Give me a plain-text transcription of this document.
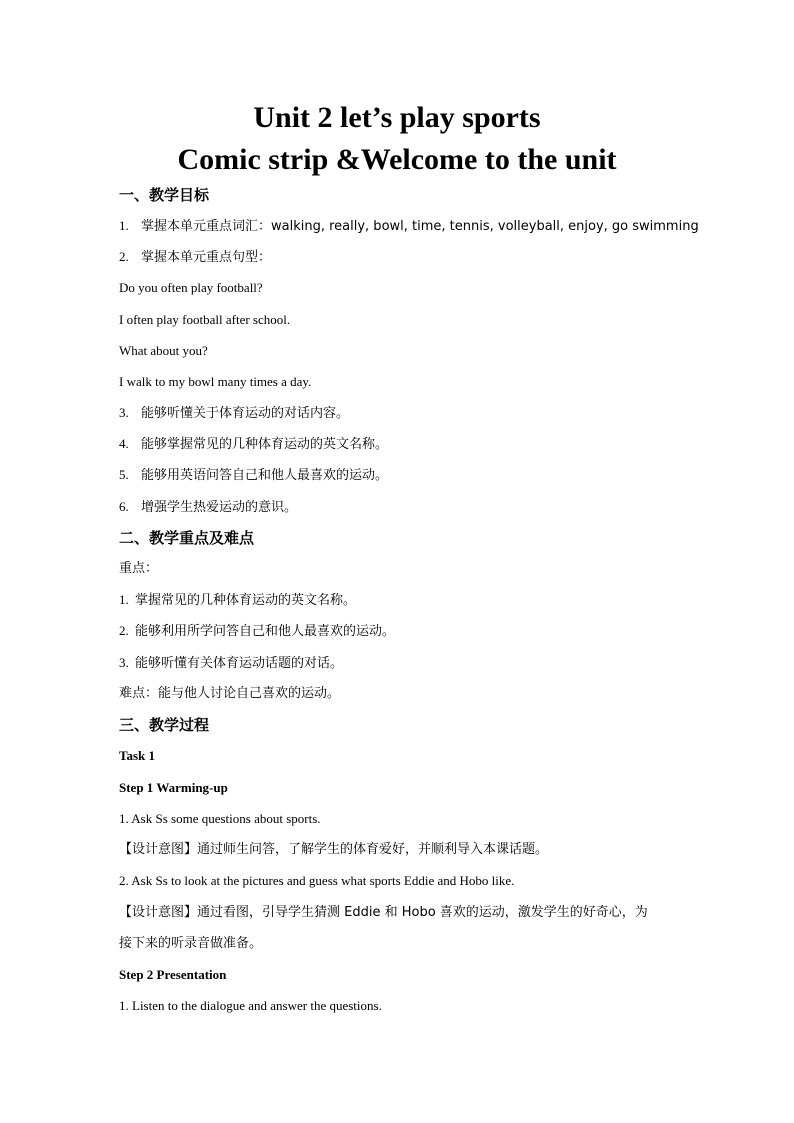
Unit 2 let’s play sports
Comic strip &Welcome to the unit
一、教学目标
1. 掌握本单元重点词汇：walking, really, bowl, time, tennis, volleyball, enjoy, go swimming
2. 掌握本单元重点句型：
Do you often play football?
I often play football after school.
What about you?
I walk to my bowl many times a day.
3. 能够听懂关于体育运动的对话内容。
4. 能够掌握常见的几种体育运动的英文名称。
5. 能够用英语问答自己和他人最喜欢的运动。
6. 增强学生热爱运动的意识。
二、教学重点及难点
重点：
1. 掌握常见的几种体育运动的英文名称。
2. 能够利用所学问答自己和他人最喜欢的运动。
3. 能够听懂有关体育运动话题的对话。
难点：能与他人讨论自己喜欢的运动。
三、教学过程
Task 1
Step 1 Warming-up
1. Ask Ss some questions about sports.
【设计意图】通过师生问答，了解学生的体育爱好，并顺利导入本课话题。
2. Ask Ss to look at the pictures and guess what sports Eddie and Hobo like.
【设计意图】通过看图，引导学生猜测 Eddie 和 Hobo 喜欢的运动，激发学生的好奇心，为
接下来的听录音做准备。
Step 2 Presentation
1. Listen to the dialogue and answer the questions.
